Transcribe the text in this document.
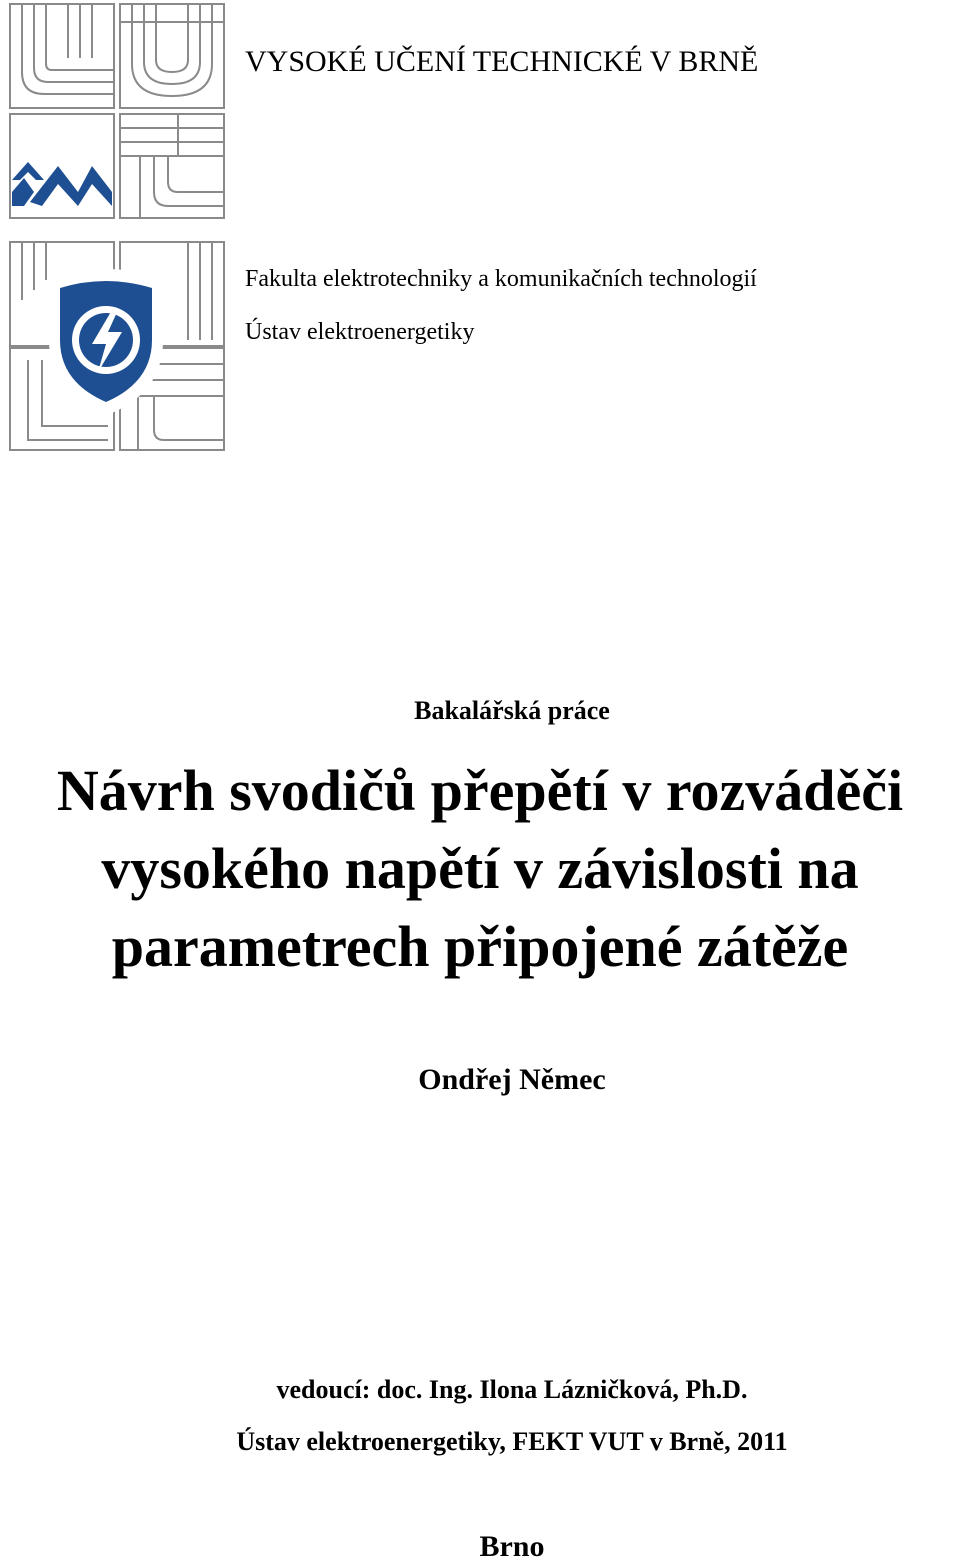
VYSOKÉ UČENÍ TECHNICKÉ V BRNĚ
Fakulta elektrotechniky a komunikačních technologií
Ústav elektroenergetiky
Bakalářská práce
Návrh svodičů přepětí v rozváděči
vysokého napětí v závislosti na
parametrech připojené zátěže
Ondřej Němec
vedoucí: doc. Ing. Ilona Lázničková, Ph.D.
Ústav elektroenergetiky, FEKT VUT v Brně, 2011
Brno
